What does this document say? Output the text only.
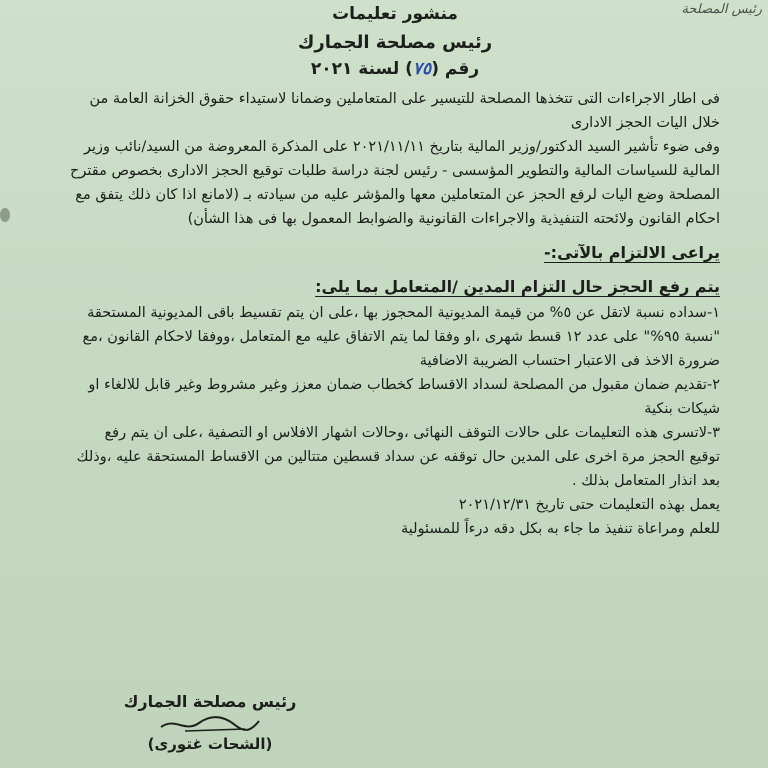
رئيس المصلحة

منشور تعليمات

رئيس مصلحة الجمارك

رقم (٧٥) لسنة ٢٠٢١

فى اطار الاجراءات التى تتخذها المصلحة للتيسير على المتعاملين وضمانا لاستيداء حقوق الخزانة العامة من خلال اليات الحجز الادارى

وفى ضوء تأشير السيد الدكتور/وزير المالية بتاريخ ٢٠٢١/١١/١١ على المذكرة المعروضة من السيد/نائب وزير المالية للسياسات المالية والتطوير المؤسسى - رئيس لجنة دراسة طلبات توقيع الحجز الادارى بخصوص مقترح المصلحة وضع اليات لرفع الحجز عن المتعاملين معها والمؤشر عليه من سيادته بـ (لامانع اذا كان ذلك يتفق مع احكام القانون ولائحته التنفيذية والاجراءات القانونية والضوابط المعمول بها فى هذا الشأن)

يراعى الالتزام بالآتى:-

يتم رفع الحجز حال التزام المدين /المتعامل بما يلى:

١-سداده نسبة لاتقل عن ٥% من قيمة المديونية المحجوز بها ،على ان يتم تقسيط باقى المديونية المستحقة "نسبة ٩٥%" على عدد ١٢ قسط شهرى ،او وفقا لما يتم الاتفاق عليه مع المتعامل ،ووفقا لاحكام القانون ،مع ضرورة الاخذ فى الاعتبار احتساب الضريبة الاضافية

٢-تقديم ضمان مقبول من المصلحة لسداد الاقساط كخطاب ضمان معزز وغير مشروط وغير قابل للالغاء او شيكات بنكية

٣-لاتسرى هذه التعليمات على حالات التوقف النهائى ،وحالات اشهار الافلاس او التصفية ،على ان يتم رفع توقيع الحجز مرة اخرى على المدين حال توقفه عن سداد قسطين متتالين من الاقساط المستحقة عليه ،وذلك بعد انذار المتعامل بذلك .

يعمل بهذه التعليمات حتى تاريخ ٢٠٢١/١٢/٣١

للعلم ومراعاة تنفيذ ما جاء به بكل دقه درءاً للمسئولية

رئيس مصلحة الجمارك
(الشحات غتورى)
